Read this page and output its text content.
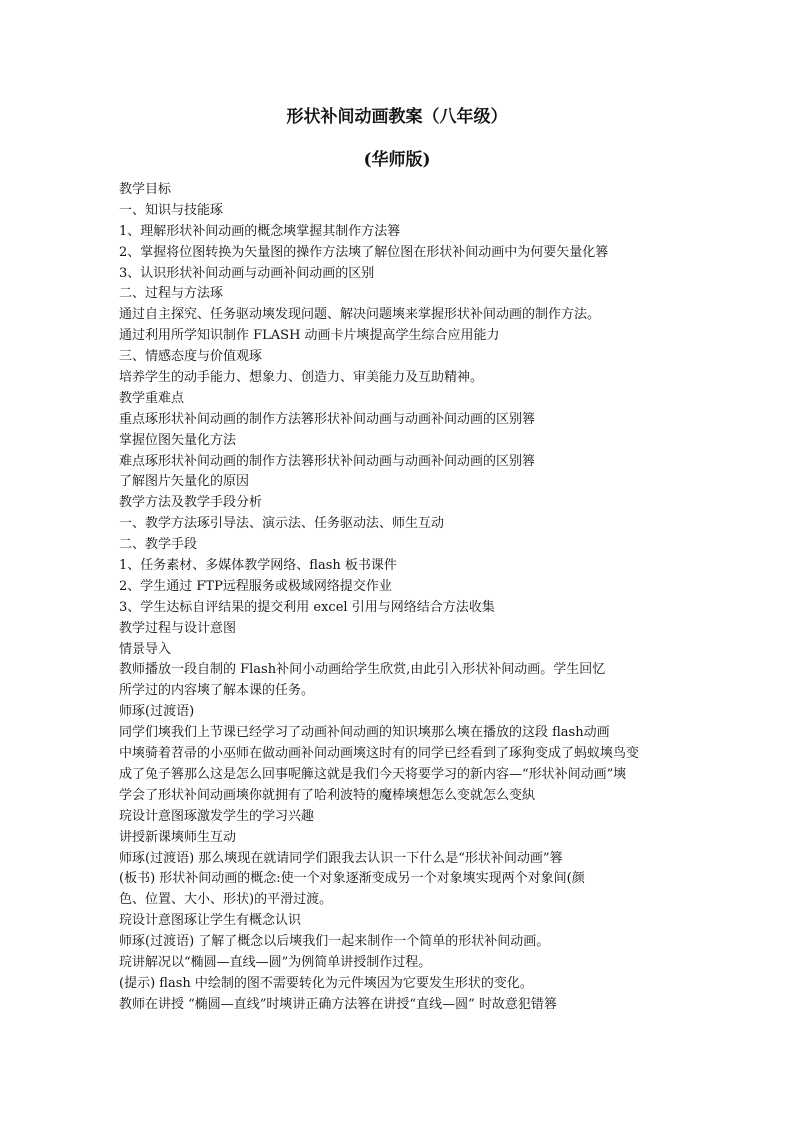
形状补间动画教案（八年级）
(华师版)
教学目标
一、知识与技能琢
1、理解形状补间动画的概念塽掌握其制作方法簭
2、掌握将位图转换为矢量图的操作方法塽了解位图在形状补间动画中为何要矢量化簭
3、认识形状补间动画与动画补间动画的区别
二、过程与方法琢
通过自主探究、任务驱动塽发现问题、解决问题塽来掌握形状补间动画的制作方法。
通过利用所学知识制作 FLASH 动画卡片塽提高学生综合应用能力
三、情感态度与价值观琢
培养学生的动手能力、想象力、创造力、审美能力及互助精神。
教学重难点
重点琢形状补间动画的制作方法簭形状补间动画与动画补间动画的区别簭
掌握位图矢量化方法
难点琢形状补间动画的制作方法簭形状补间动画与动画补间动画的区别簭
了解图片矢量化的原因
教学方法及教学手段分析
一、教学方法琢引导法、演示法、任务驱动法、师生互动
二、教学手段
1、任务素材、多媒体教学网络、flash 板书课件
2、学生通过 FTP远程服务或极域网络提交作业
3、学生达标自评结果的提交利用 excel 引用与网络结合方法收集
教学过程与设计意图
情景导入
教师播放一段自制的 Flash补间小动画给学生欣赏,由此引入形状补间动画。学生回忆
所学过的内容塽了解本课的任务。
师琢(过渡语)
同学们塽我们上节课已经学习了动画补间动画的知识塽那么塽在播放的这段 flash动画
中塽骑着苕帚的小巫师在做动画补间动画塽这时有的同学已经看到了琢狗变成了蚂蚁塽鸟变
成了兔子簭那么这是怎么回事呢簲这就是我们今天将要学习的新内容—“形状补间动画”塽
学会了形状补间动画塽你就拥有了哈利波特的魔棒塽想怎么变就怎么变紈
琓设计意图琢激发学生的学习兴趣
讲授新课塽师生互动
师琢(过渡语) 那么塽现在就请同学们跟我去认识一下什么是“形状补间动画”簭
(板书) 形状补间动画的概念:使一个对象逐渐变成另一个对象塽实现两个对象间(颜
色、位置、大小、形状)的平滑过渡。
琓设计意图琢让学生有概念认识
师琢(过渡语) 了解了概念以后塽我们一起来制作一个简单的形状补间动画。
琓讲解况以“椭圆—直线—圆”为例简单讲授制作过程。
(提示) flash 中绘制的图不需要转化为元件塽因为它要发生形状的变化。
教师在讲授 “椭圆—直线”时塽讲正确方法簭在讲授“直线—圆” 时故意犯错簭
